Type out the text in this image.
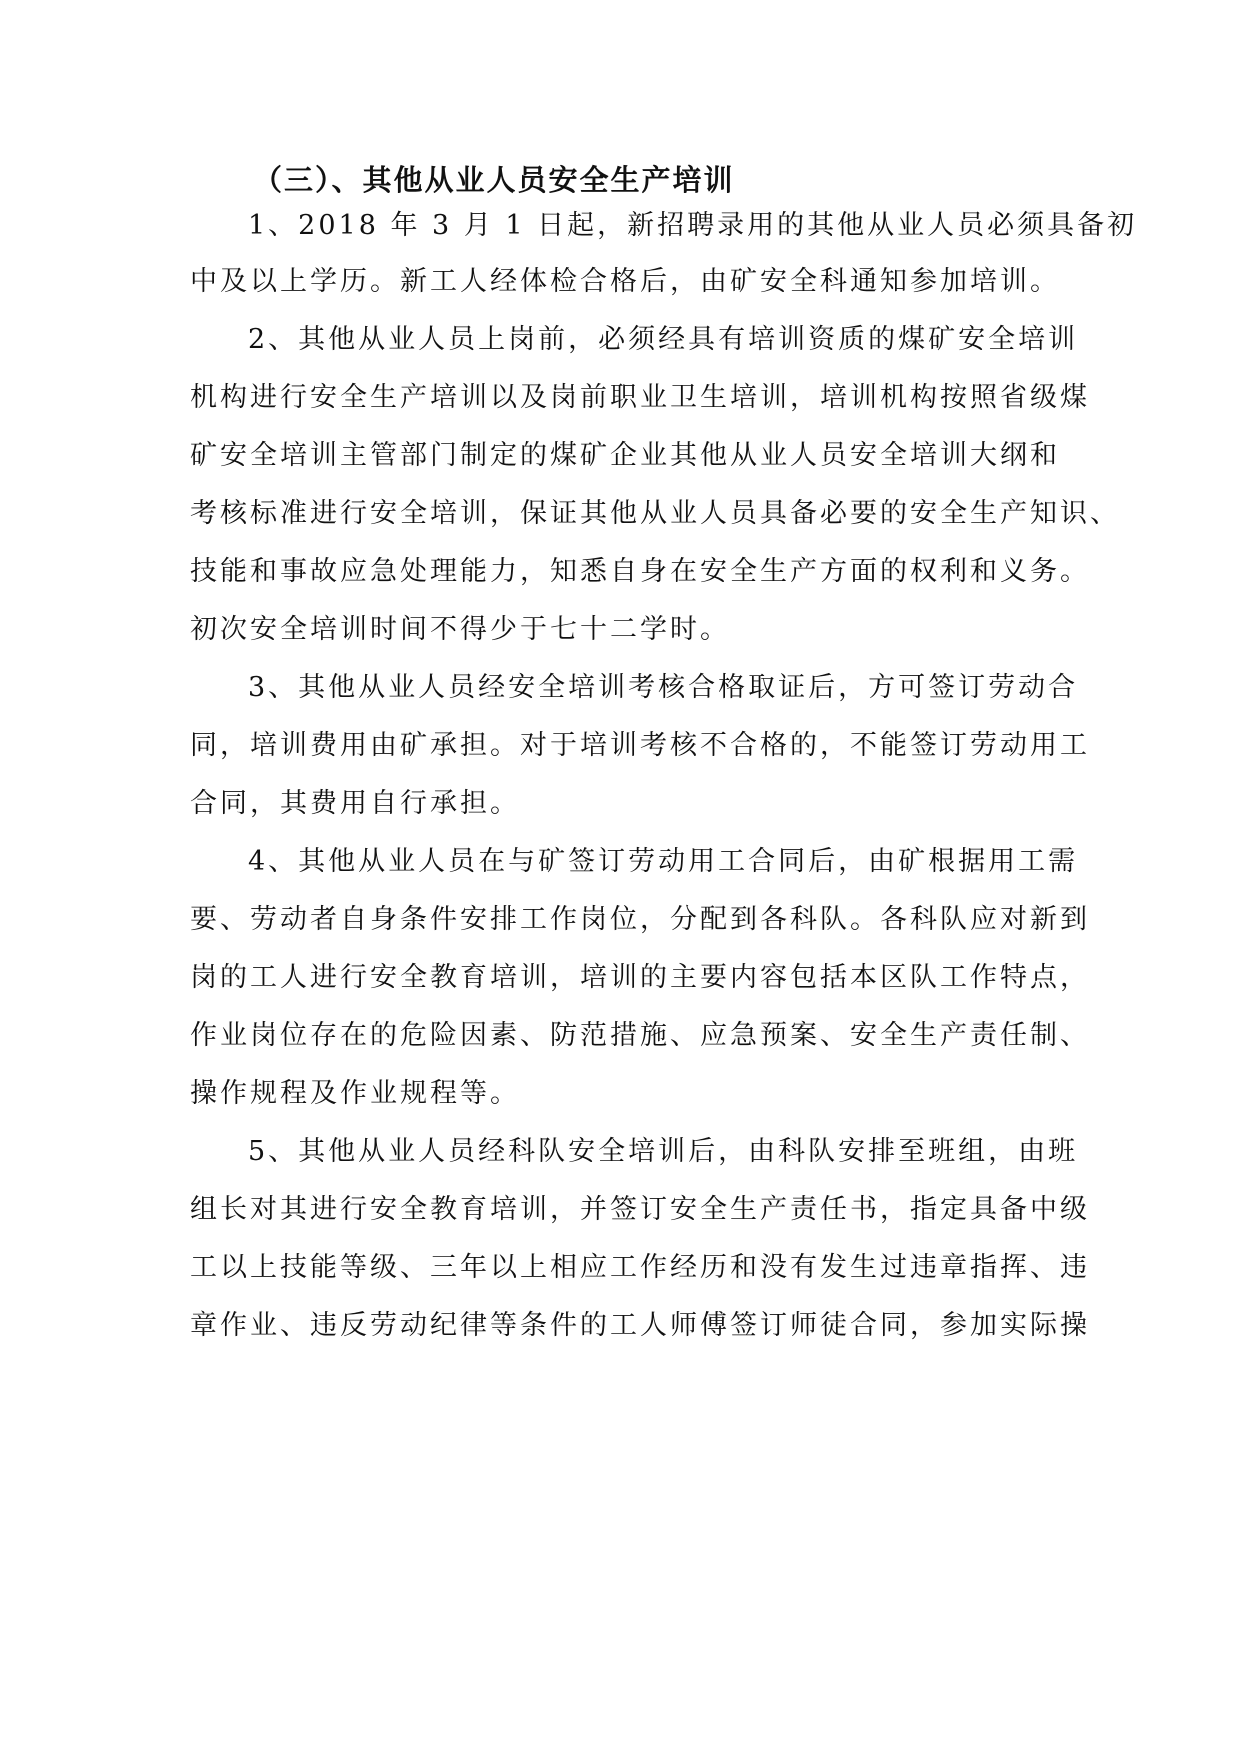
（三）、其他从业人员安全生产培训
1、2018 年 3 月 1 日起，新招聘录用的其他从业人员必须具备初
中及以上学历。新工人经体检合格后，由矿安全科通知参加培训。
2、其他从业人员上岗前，必须经具有培训资质的煤矿安全培训
机构进行安全生产培训以及岗前职业卫生培训，培训机构按照省级煤
矿安全培训主管部门制定的煤矿企业其他从业人员安全培训大纲和
考核标准进行安全培训，保证其他从业人员具备必要的安全生产知识、
技能和事故应急处理能力，知悉自身在安全生产方面的权利和义务。
初次安全培训时间不得少于七十二学时。
3、其他从业人员经安全培训考核合格取证后，方可签订劳动合
同，培训费用由矿承担。对于培训考核不合格的，不能签订劳动用工
合同，其费用自行承担。
4、其他从业人员在与矿签订劳动用工合同后，由矿根据用工需
要、劳动者自身条件安排工作岗位，分配到各科队。各科队应对新到
岗的工人进行安全教育培训，培训的主要内容包括本区队工作特点，
作业岗位存在的危险因素、防范措施、应急预案、安全生产责任制、
操作规程及作业规程等。
5、其他从业人员经科队安全培训后，由科队安排至班组，由班
组长对其进行安全教育培训，并签订安全生产责任书，指定具备中级
工以上技能等级、三年以上相应工作经历和没有发生过违章指挥、违
章作业、违反劳动纪律等条件的工人师傅签订师徒合同，参加实际操
